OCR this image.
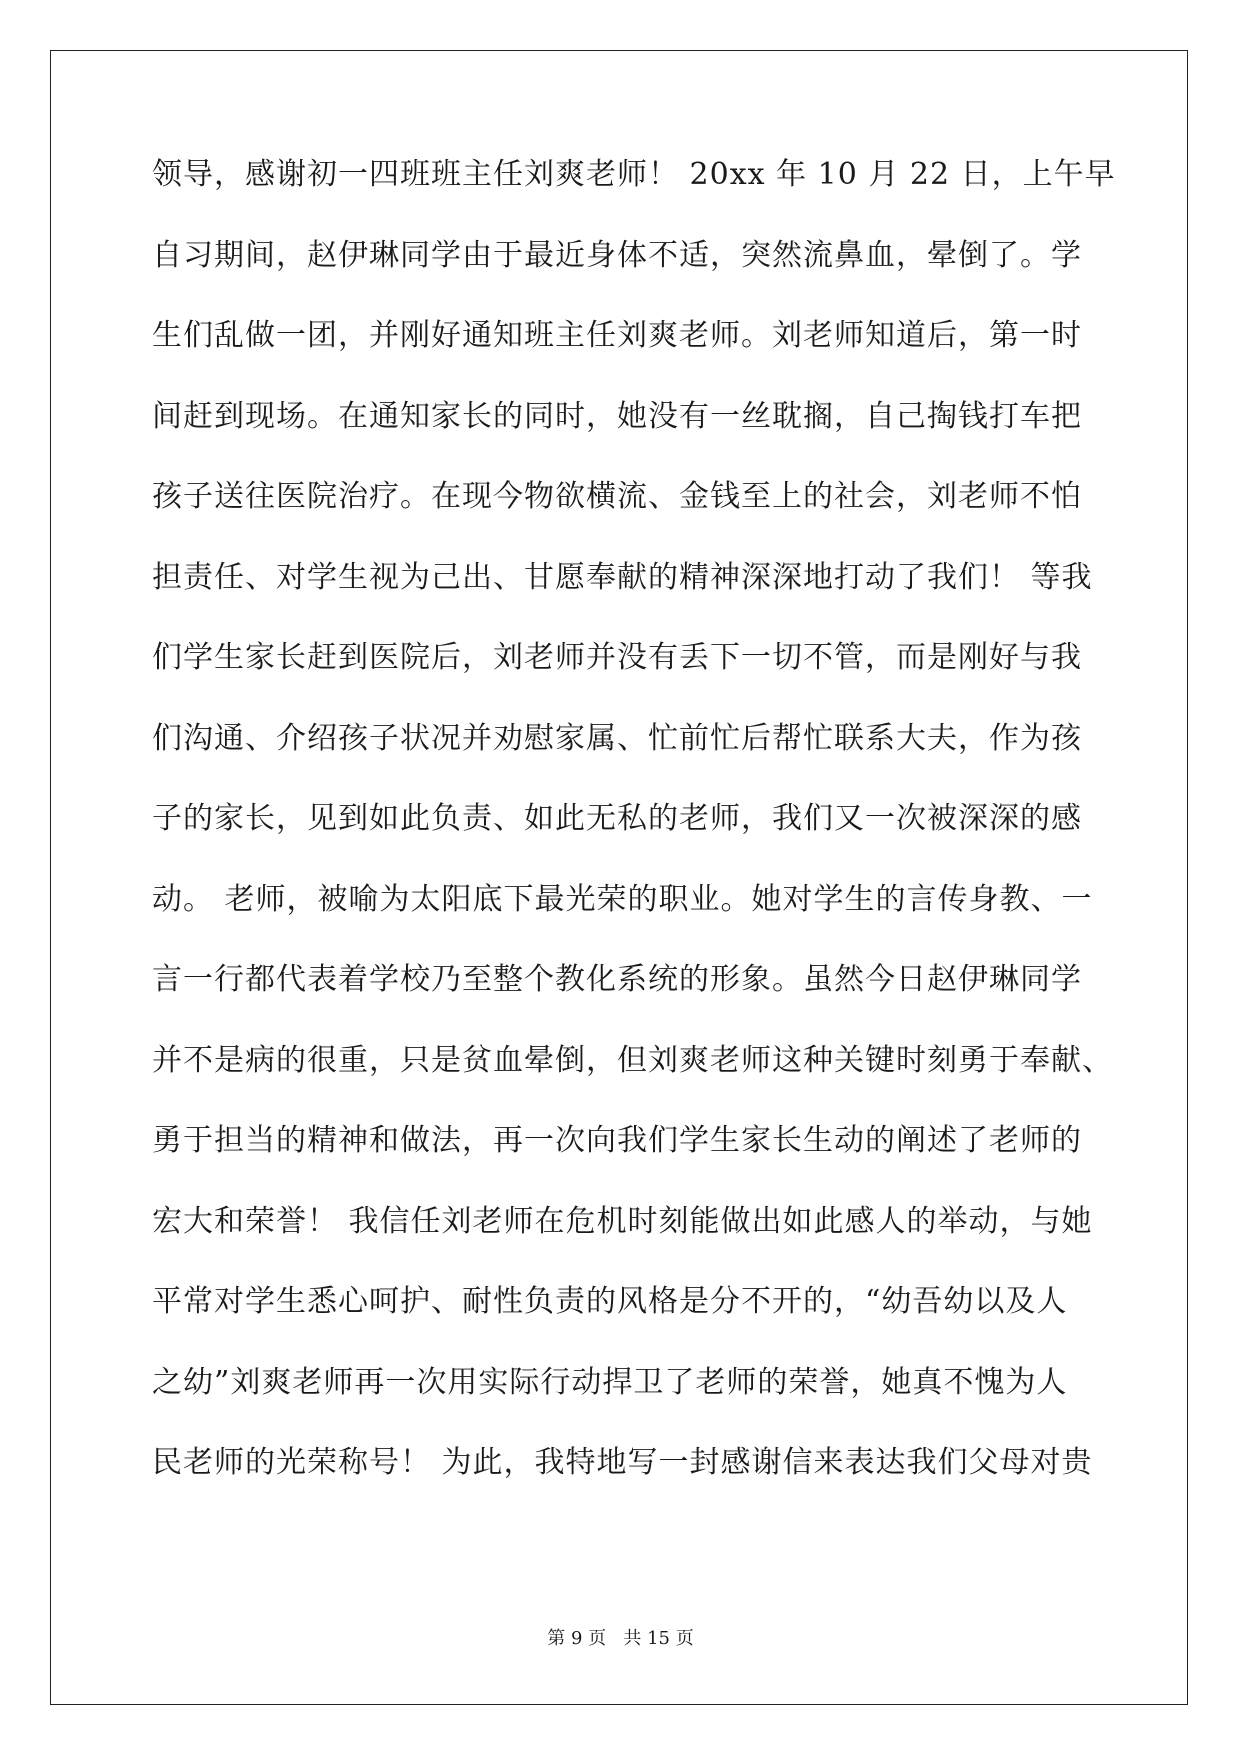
领导，感谢初一四班班主任刘爽老师！ 20xx 年 10 月 22 日，上午早
自习期间，赵伊琳同学由于最近身体不适，突然流鼻血，晕倒了。学
生们乱做一团，并刚好通知班主任刘爽老师。刘老师知道后，第一时
间赶到现场。在通知家长的同时，她没有一丝耽搁，自己掏钱打车把
孩子送往医院治疗。在现今物欲横流、金钱至上的社会，刘老师不怕
担责任、对学生视为己出、甘愿奉献的精神深深地打动了我们！ 等我
们学生家长赶到医院后，刘老师并没有丢下一切不管，而是刚好与我
们沟通、介绍孩子状况并劝慰家属、忙前忙后帮忙联系大夫，作为孩
子的家长，见到如此负责、如此无私的老师，我们又一次被深深的感
动。 老师，被喻为太阳底下最光荣的职业。她对学生的言传身教、一
言一行都代表着学校乃至整个教化系统的形象。虽然今日赵伊琳同学
并不是病的很重，只是贫血晕倒，但刘爽老师这种关键时刻勇于奉献、
勇于担当的精神和做法，再一次向我们学生家长生动的阐述了老师的
宏大和荣誉！ 我信任刘老师在危机时刻能做出如此感人的举动，与她
平常对学生悉心呵护、耐性负责的风格是分不开的，“幼吾幼以及人
之幼”刘爽老师再一次用实际行动捍卫了老师的荣誉，她真不愧为人
民老师的光荣称号！ 为此，我特地写一封感谢信来表达我们父母对贵
第 9 页 共 15 页
